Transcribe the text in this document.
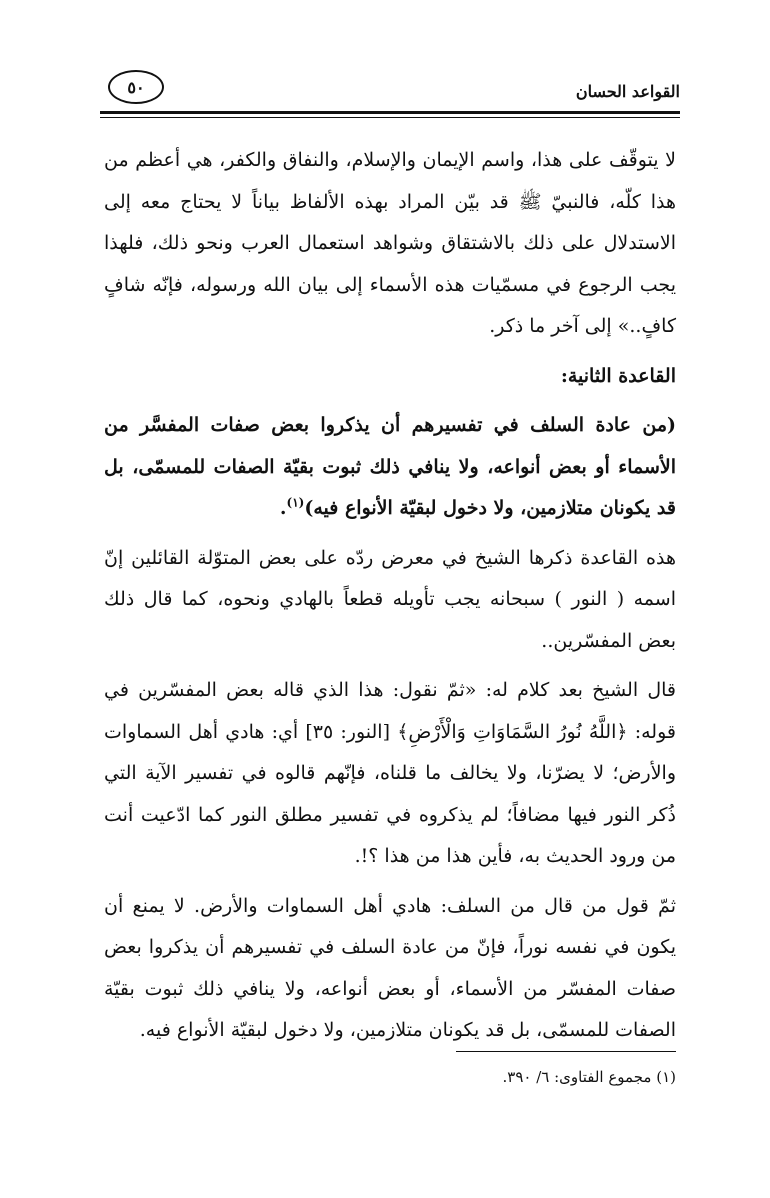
القواعد الحسان
٥٠

لا يتوقّف على هذا، واسم الإيمان والإسلام، والنفاق والكفر، هي أعظم من هذا كلّه، فالنبيّ ﷺ قد بيّن المراد بهذه الألفاظ بياناً لا يحتاج معه إلى الاستدلال على ذلك بالاشتقاق وشواهد استعمال العرب ونحو ذلك، فلهذا يجب الرجوع في مسمّيات هذه الأسماء إلى بيان الله ورسوله، فإنّه شافٍ كافٍ..» إلى آخر ما ذكر.

القاعدة الثانية:

(من عادة السلف في تفسيرهم أن يذكروا بعض صفات المفسَّر من الأسماء أو بعض أنواعه، ولا ينافي ذلك ثبوت بقيّة الصفات للمسمّى، بل قد يكونان متلازمين، ولا دخول لبقيّة الأنواع فيه)$^{(١)}$.

هذه القاعدة ذكرها الشيخ في معرض ردّه على بعض المتوّلة القائلين إنّ اسمه ( النور ) سبحانه يجب تأويله قطعاً بالهادي ونحوه، كما قال ذلك بعض المفسّرين..

قال الشيخ بعد كلام له: «ثمّ نقول: هذا الذي قاله بعض المفسّرين في قوله: ﴿اللَّهُ نُورُ السَّمَاوَاتِ وَالْأَرْضِ﴾ [النور: ٣٥] أي: هادي أهل السماوات والأرض؛ لا يضرّنا، ولا يخالف ما قلناه، فإنّهم قالوه في تفسير الآية التي ذُكر النور فيها مضافاً؛ لم يذكروه في تفسير مطلق النور كما ادّعيت أنت من ورود الحديث به، فأين هذا من هذا ؟!.

ثمّ قول من قال من السلف: هادي أهل السماوات والأرض. لا يمنع أن يكون في نفسه نوراً، فإنّ من عادة السلف في تفسيرهم أن يذكروا بعض صفات المفسّر من الأسماء، أو بعض أنواعه، ولا ينافي ذلك ثبوت بقيّة الصفات للمسمّى، بل قد يكونان متلازمين، ولا دخول لبقيّة الأنواع فيه.

(١) مجموع الفتاوى: ٦/ ٣٩٠.
